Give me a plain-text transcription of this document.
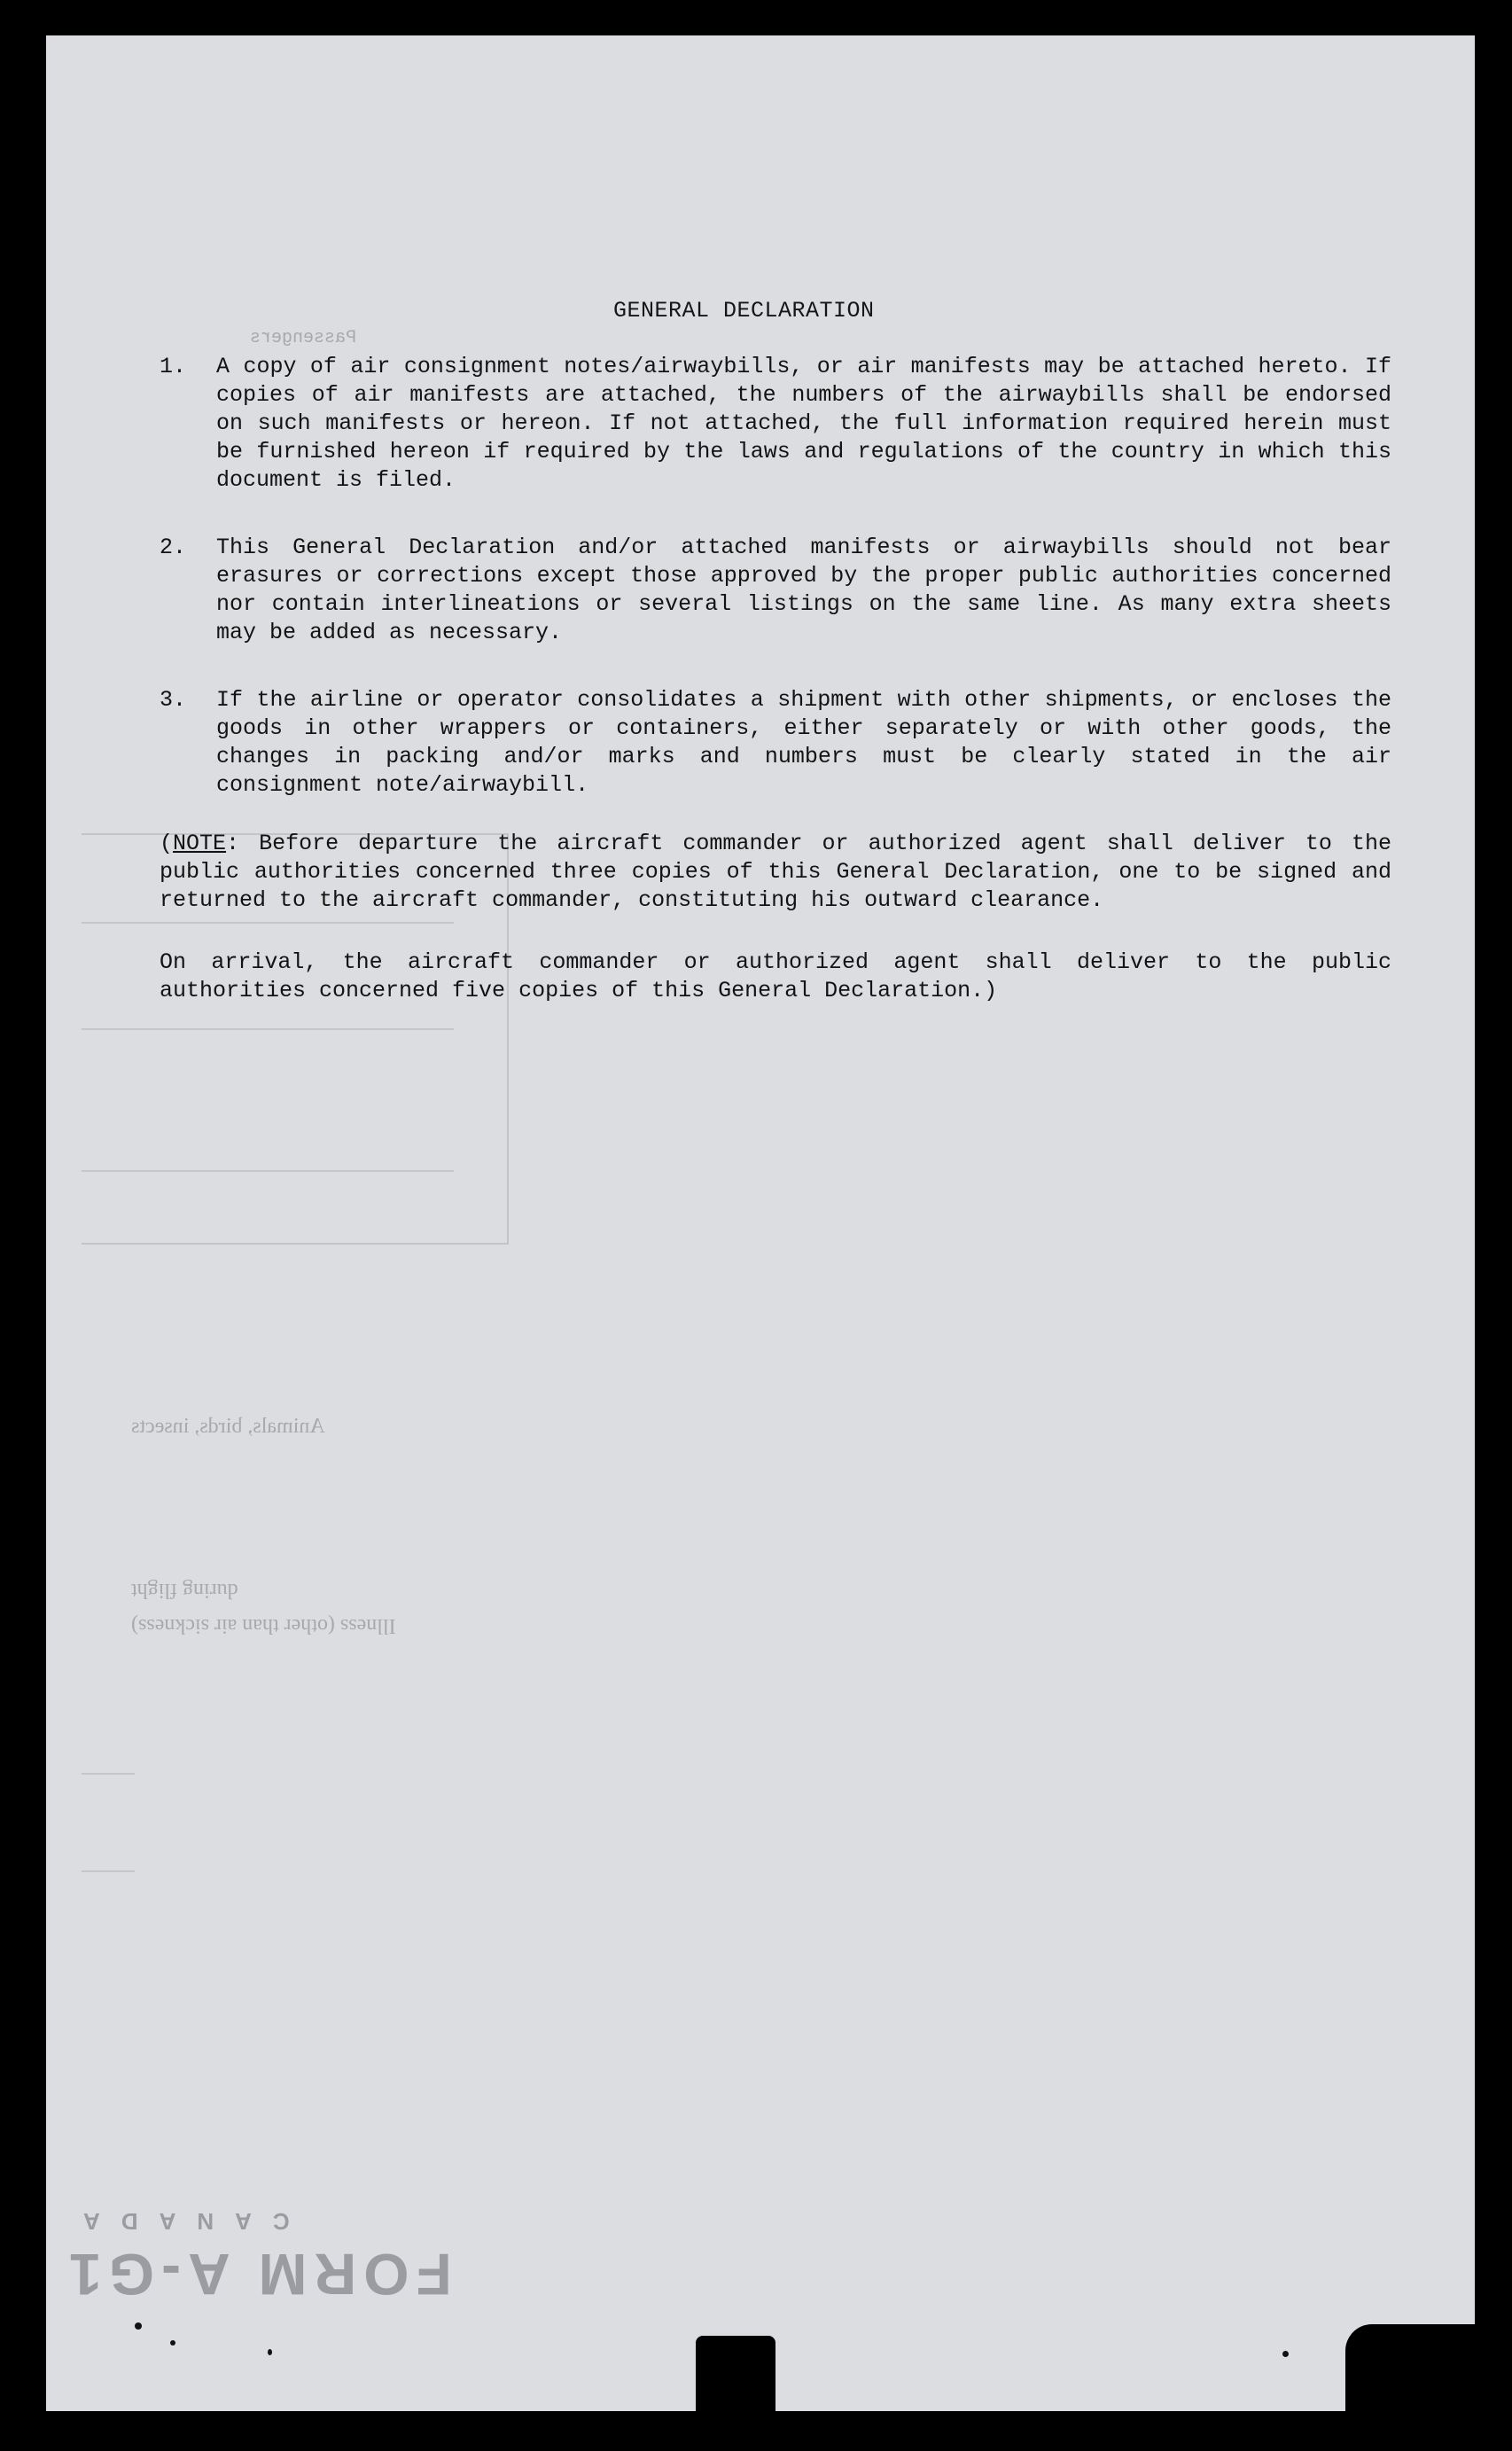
Passengers
Animals, birds, insects
during flight
Illness (other than air sickness)
CANADA
FORM A-G1
GENERAL DECLARATION
1.	A copy of air consignment notes/airwaybills, or air manifests may be attached hereto. If copies of air manifests are attached, the numbers of the airwaybills shall be endorsed on such manifests or hereon. If not attached, the full information required herein must be furnished hereon if required by the laws and regulations of the country in which this document is filed.
2.	This General Declaration and/or attached manifests or airwaybills should not bear erasures or corrections except those approved by the proper public authorities concerned nor contain interlineations or several listings on the same line. As many extra sheets may be added as necessary.
3.	If the airline or operator consolidates a shipment with other shipments, or encloses the goods in other wrappers or containers, either separately or with other goods, the changes in packing and/or marks and numbers must be clearly stated in the air consignment note/airwaybill.

(NOTE: Before departure the aircraft commander or authorized agent shall deliver to the public authorities concerned three copies of this General Declaration, one to be signed and returned to the aircraft commander, constituting his outward clearance.

On arrival, the aircraft commander or authorized agent shall deliver to the public authorities concerned five copies of this General Declaration.)
